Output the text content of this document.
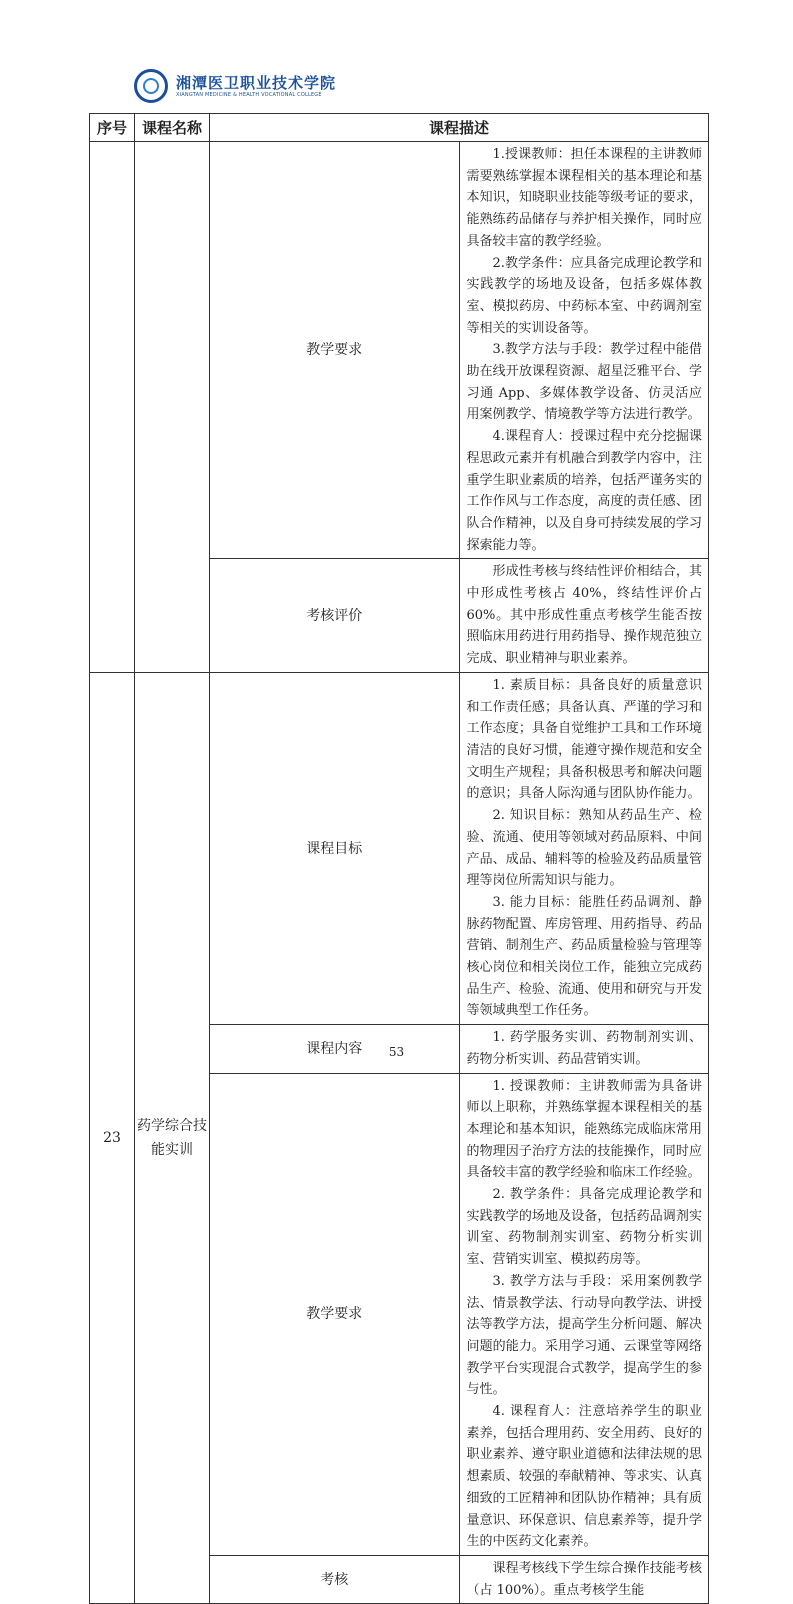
湘潭医卫职业技术学院
XIANGTAN MEDICINE & HEALTH VOCATIONAL COLLEGE
序号	课程名称	课程描述	
		教学要求	1.授课教师：担任本课程的主讲教师需要熟练掌握本课程相关的基本理论和基本知识，知晓职业技能等级考证的要求，能熟练药品储存与养护相关操作，同时应具备较丰富的教学经验。

2.教学条件：应具备完成理论教学和实践教学的场地及设备，包括多媒体教室、模拟药房、中药标本室、中药调剂室等相关的实训设备等。

3.教学方法与手段：教学过程中能借助在线开放课程资源、超星泛雅平台、学习通 App、多媒体教学设备、仿灵活应用案例教学、情境教学等方法进行教学。

4.课程育人：授课过程中充分挖掘课程思政元素并有机融合到教学内容中，注重学生职业素质的培养，包括严谨务实的工作作风与工作态度，高度的责任感、团队合作精神，以及自身可持续发展的学习探索能力等。

		考核评价	形成性考核与终结性评价相结合，其中形成性考核占 40%，终结性评价占 60%。其中形成性重点考核学生能否按照临床用药进行用药指导、操作规范独立完成、职业精神与职业素养。

23	药学综合技能实训	课程目标	1. 素质目标：具备良好的质量意识和工作责任感；具备认真、严谨的学习和工作态度；具备自觉维护工具和工作环境清洁的良好习惯，能遵守操作规范和安全文明生产规程；具备积极思考和解决问题的意识；具备人际沟通与团队协作能力。

2. 知识目标：熟知从药品生产、检验、流通、使用等领域对药品原料、中间产品、成品、辅料等的检验及药品质量管理等岗位所需知识与能力。

3. 能力目标：能胜任药品调剂、静脉药物配置、库房管理、用药指导、药品营销、制剂生产、药品质量检验与管理等核心岗位和相关岗位工作，能独立完成药品生产、检验、流通、使用和研究与开发等领域典型工作任务。

		课程内容	1. 药学服务实训、药物制剂实训、药物分析实训、药品营销实训。

		教学要求	1. 授课教师：主讲教师需为具备讲师以上职称，并熟练掌握本课程相关的基本理论和基本知识，能熟练完成临床常用的物理因子治疗方法的技能操作，同时应具备较丰富的教学经验和临床工作经验。

2. 教学条件：具备完成理论教学和实践教学的场地及设备，包括药品调剂实训室、药物制剂实训室、药物分析实训室、营销实训室、模拟药房等。

3. 教学方法与手段：采用案例教学法、情景教学法、行动导向教学法、讲授法等教学方法，提高学生分析问题、解决问题的能力。采用学习通、云课堂等网络教学平台实现混合式教学，提高学生的参与性。

4. 课程育人：注意培养学生的职业素养，包括合理用药、安全用药、良好的职业素养、遵守职业道德和法律法规的思想素质、较强的奉献精神、等求实、认真细致的工匠精神和团队协作精神；具有质量意识、环保意识、信息素养等，提升学生的中医药文化素养。

		考核	课程考核线下学生综合操作技能考核（占 100%）。重点考核学生能

53
